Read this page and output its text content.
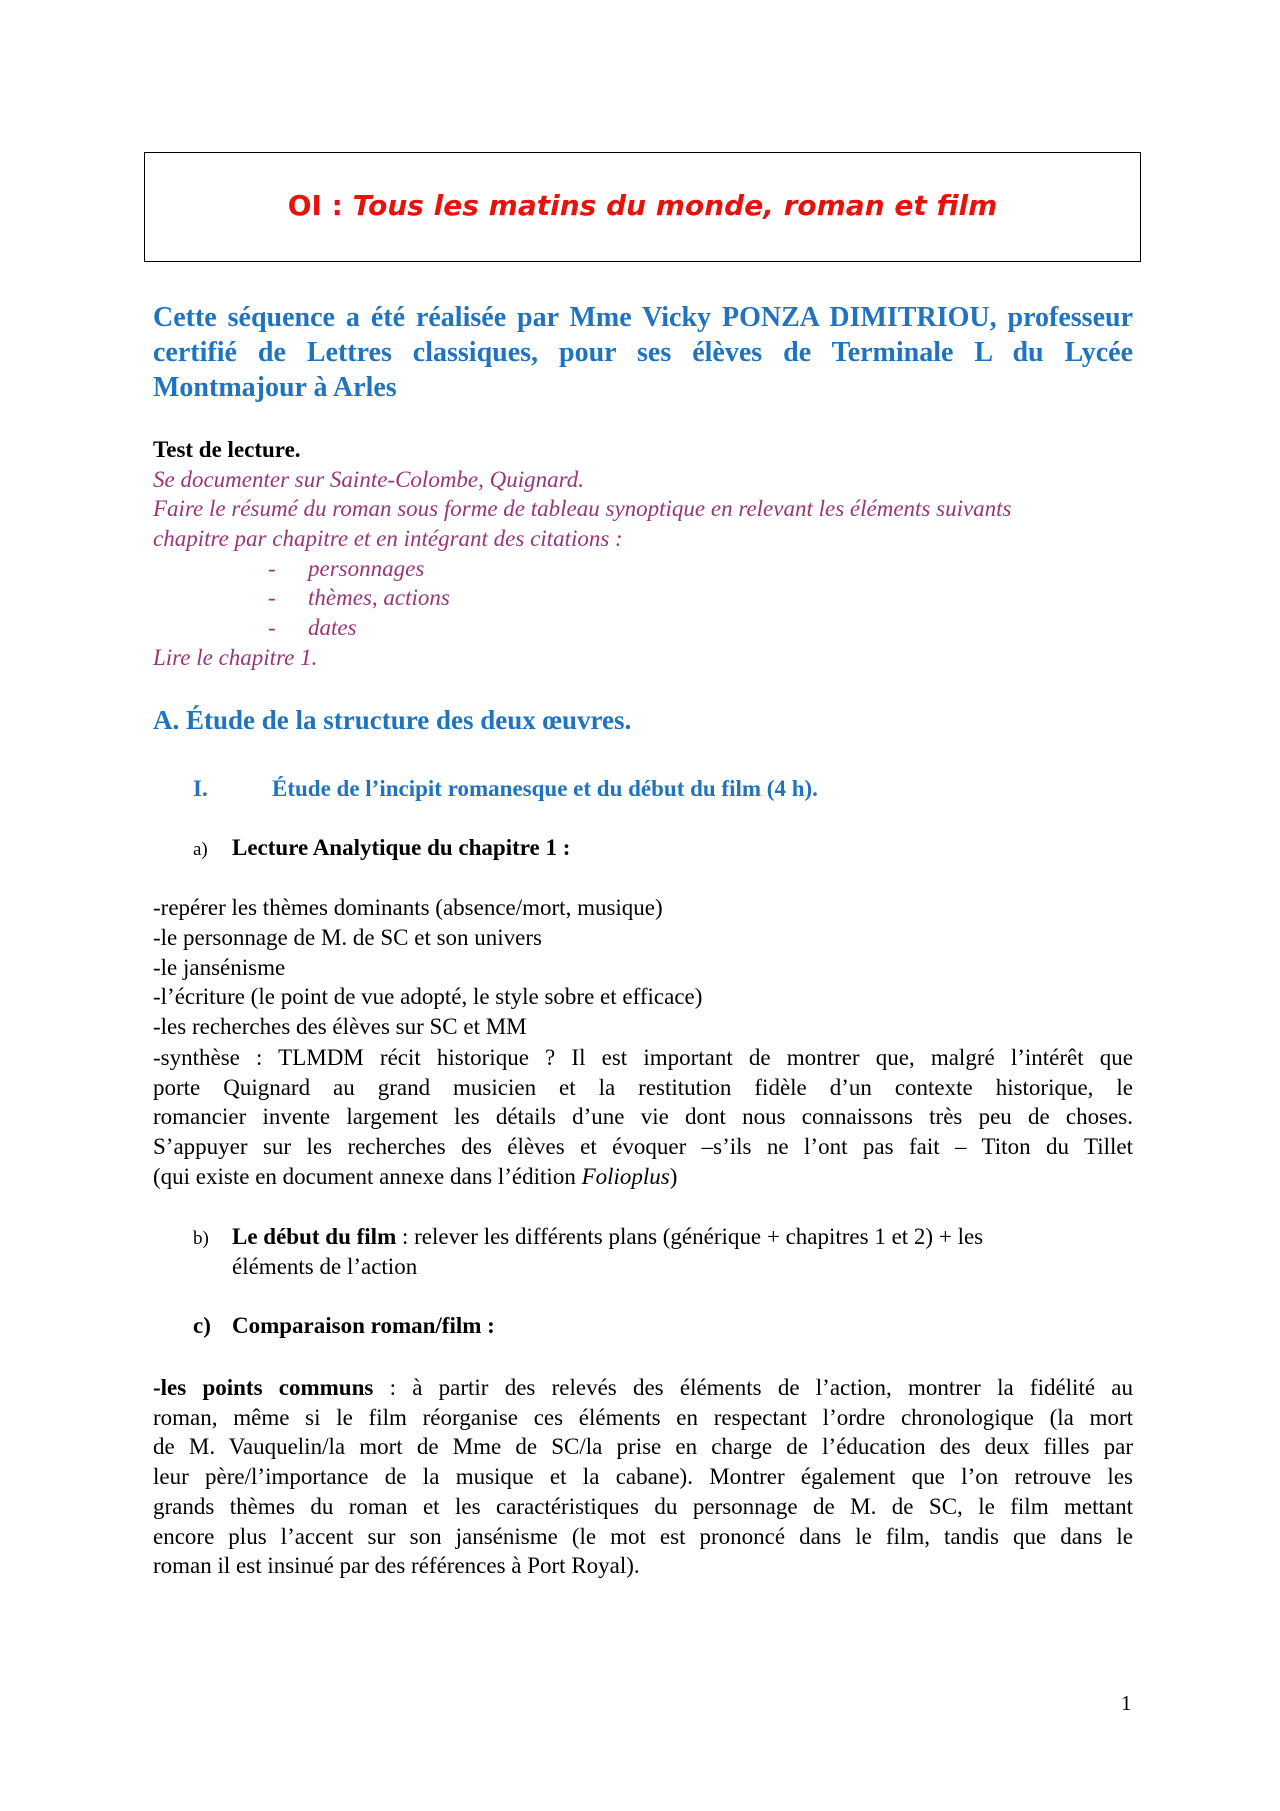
OI : Tous les matins du monde, roman et film
Cette séquence a été réalisée par Mme Vicky PONZA DIMITRIOU, professeur certifié de Lettres classiques, pour ses élèves de Terminale L du Lycée Montmajour à Arles
Test de lecture.
Se documenter sur Sainte-Colombe, Quignard.
Faire le résumé du roman sous forme de tableau synoptique en relevant les éléments suivants
chapitre par chapitre et en intégrant des citations :
- personnages
- thèmes, actions
- dates
Lire le chapitre 1.
A. Étude de la structure des deux œuvres.
I.	Étude de l’incipit romanesque et du début du film (4 h).
a) Lecture Analytique du chapitre 1 :
-repérer les thèmes dominants (absence/mort, musique)
-le personnage de M. de SC et son univers
-le jansénisme
-l’écriture (le point de vue adopté, le style sobre et efficace)
-les recherches des élèves sur SC et MM
-synthèse : TLMDM récit historique ? Il est important de montrer que, malgré l’intérêt que
porte Quignard au grand musicien et la restitution fidèle d’un contexte historique, le
romancier invente largement les détails d’une vie dont nous connaissons très peu de choses.
S’appuyer sur les recherches des élèves et évoquer –s’ils ne l’ont pas fait – Titon du Tillet
(qui existe en document annexe dans l’édition Folioplus)
b) Le début du film : relever les différents plans (générique + chapitres 1 et 2) + les
éléments de l’action
c) Comparaison roman/film :
-les points communs : à partir des relevés des éléments de l’action, montrer la fidélité au
roman, même si le film réorganise ces éléments en respectant l’ordre chronologique (la mort
de M. Vauquelin/la mort de Mme de SC/la prise en charge de l’éducation des deux filles par
leur père/l’importance de la musique et la cabane). Montrer également que l’on retrouve les
grands thèmes du roman et les caractéristiques du personnage de M. de SC, le film mettant
encore plus l’accent sur son jansénisme (le mot est prononcé dans le film, tandis que dans le
roman il est insinué par des références à Port Royal).
1
